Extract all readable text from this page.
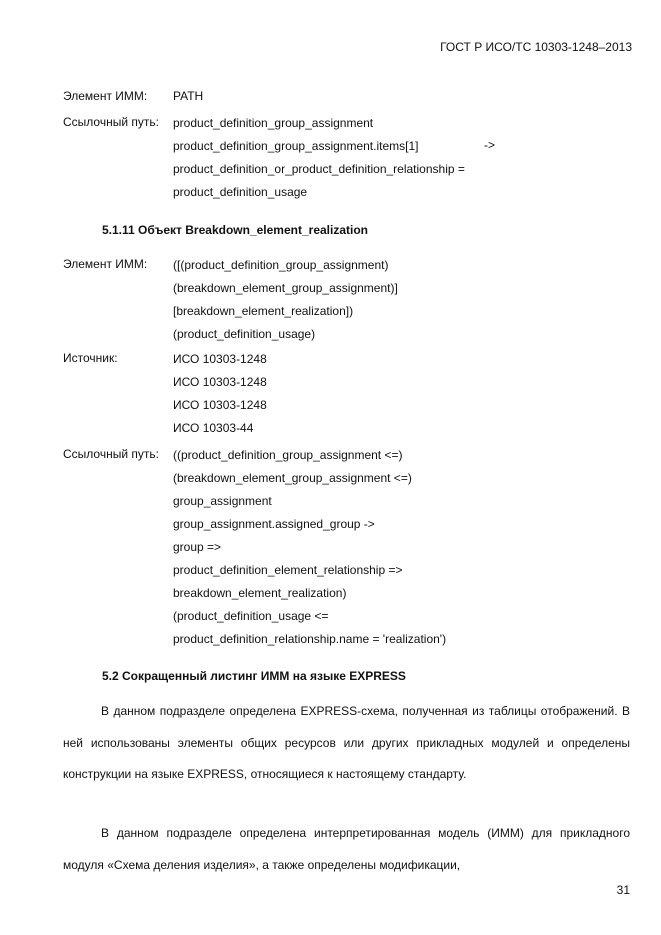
ГОСТ Р ИСО/ТС 10303-1248–2013
Элемент ИММ: PATH
Ссылочный путь: product_definition_group_assignment
product_definition_group_assignment.items[1]
product_definition_or_product_definition_relationship =
product_definition_usage
->
5.1.11 Объект Breakdown_element_realization
Элемент ИММ: ([(product_definition_group_assignment)
(breakdown_element_group_assignment)]
[breakdown_element_realization])
(product_definition_usage)
Источник:	ИСО 10303-1248
ИСО 10303-1248
ИСО 10303-1248
ИСО 10303-44
Ссылочный путь: ((product_definition_group_assignment <=)
(breakdown_element_group_assignment <=)
group_assignment
group_assignment.assigned_group ->
group =>
product_definition_element_relationship =>
breakdown_element_realization)
(product_definition_usage <=
product_definition_relationship.name = 'realization')
5.2 Сокращенный листинг ИММ на языке EXPRESS
В данном подразделе определена EXPRESS-схема, полученная из таблицы отображений. В ней использованы элементы общих ресурсов или других прикладных модулей и определены конструкции на языке EXPRESS, относящиеся к настоящему стандарту.
В данном подразделе определена интерпретированная модель (ИММ) для прикладного модуля «Схема деления изделия», а также определены модификации,
31
